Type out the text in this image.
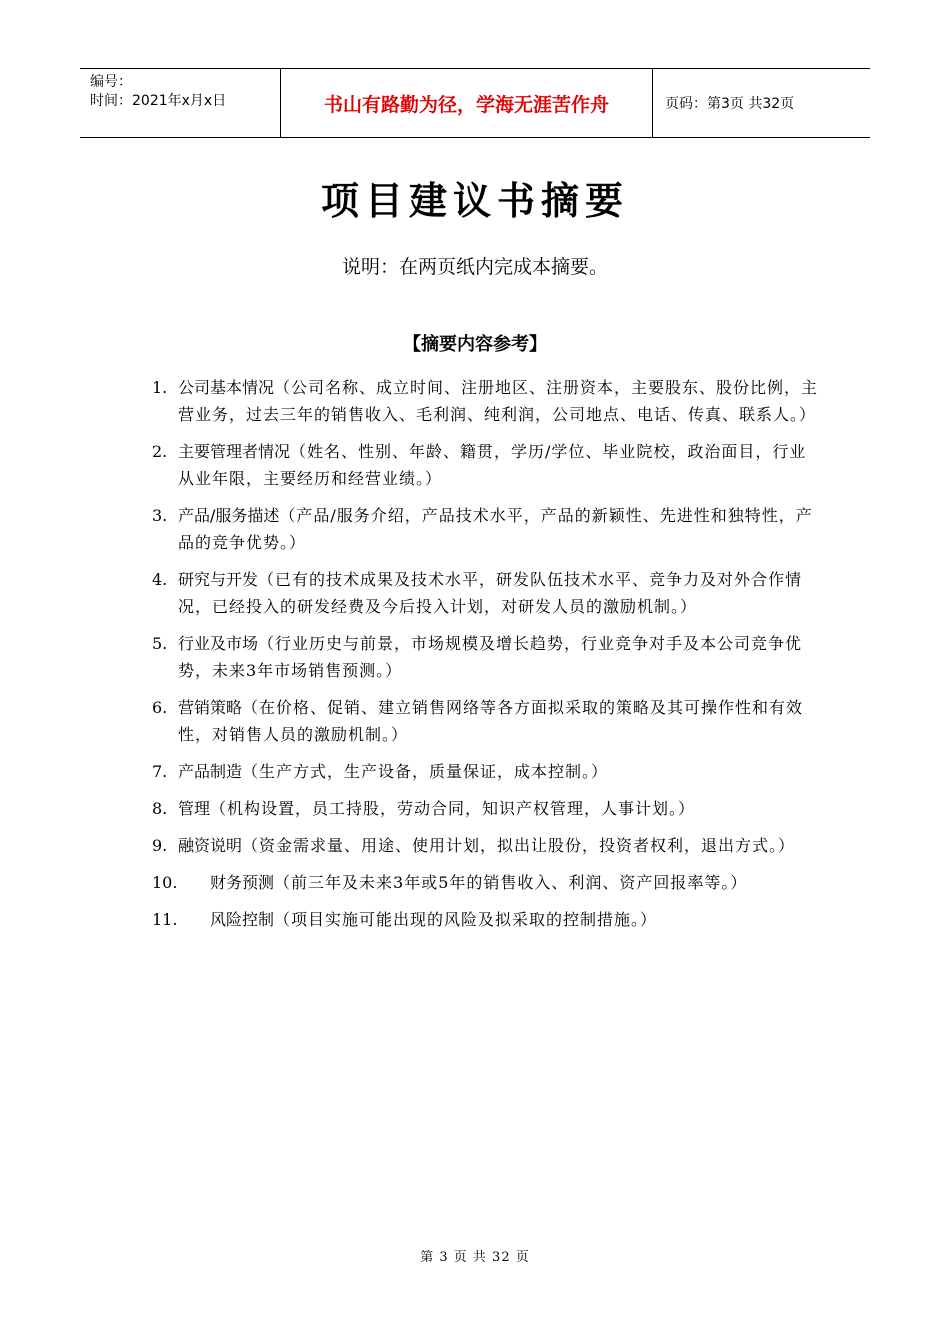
编号：
时间：2021年x月x日	书山有路勤为径，学海无涯苦作舟	页码：第3页 共32页
项目建议书摘要
说明：在两页纸内完成本摘要。
【摘要内容参考】
1. 公司基本情况（公司名称、成立时间、注册地区、注册资本，主要股东、股份比例，主营业务，过去三年的销售收入、毛利润、纯利润，公司地点、电话、传真、联系人。）
2. 主要管理者情况（姓名、性别、年龄、籍贯，学历/学位、毕业院校，政治面目，行业从业年限，主要经历和经营业绩。）
3. 产品/服务描述（产品/服务介绍，产品技术水平，产品的新颖性、先进性和独特性，产品的竞争优势。）
4. 研究与开发（已有的技术成果及技术水平，研发队伍技术水平、竞争力及对外合作情况，已经投入的研发经费及今后投入计划，对研发人员的激励机制。）
5. 行业及市场（行业历史与前景，市场规模及增长趋势，行业竞争对手及本公司竞争优势，未来3年市场销售预测。）
6. 营销策略（在价格、促销、建立销售网络等各方面拟采取的策略及其可操作性和有效性，对销售人员的激励机制。）
7. 产品制造（生产方式，生产设备，质量保证，成本控制。）
8. 管理（机构设置，员工持股，劳动合同，知识产权管理，人事计划。）
9. 融资说明（资金需求量、用途、使用计划，拟出让股份，投资者权利，退出方式。）
10.	财务预测（前三年及未来3年或5年的销售收入、利润、资产回报率等。）
11.	风险控制（项目实施可能出现的风险及拟采取的控制措施。）
第 3 页 共 32 页
